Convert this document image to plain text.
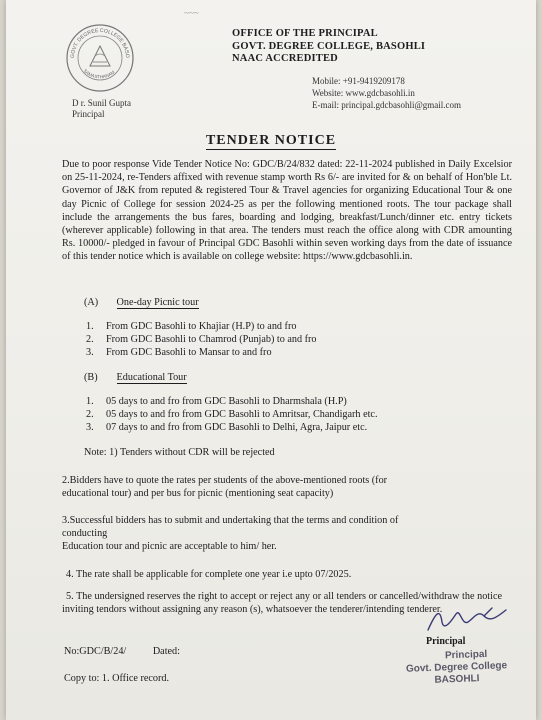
~~~
GOVT. DEGREE COLLEGE BASO
SAMASTHANAM
OFFICE OF THE PRINCIPAL
GOVT. DEGREE COLLEGE, BASOHLI
NAAC ACCREDITED
D r. Sunil Gupta
Principal
Mobile: +91-9419209178
Website: www.gdcbasohli.in
E-mail: principal.gdcbasohli@gmail.com
TENDER NOTICE
Due to poor response Vide Tender Notice No: GDC/B/24/832 dated: 22-11-2024 published in Daily Excelsior on 25-11-2024, re-Tenders affixed with revenue stamp worth Rs 6/- are invited for & on behalf of Hon'ble Lt. Governor of J&K from reputed & registered Tour & Travel agencies for organizing Educational Tour & one day Picnic of College for session 2024-25 as per the following mentioned roots. The tour package shall include the arrangements the bus fares, boarding and lodging, breakfast/Lunch/dinner etc. entry tickets (wherever applicable) following in that area. The tenders must reach the office along with CDR amounting Rs. 10000/- pledged in favour of Principal GDC Basohli within seven working days from the date of issuance of this tender notice which is available on college website: https://www.gdcbasohli.in.
(A) One-day Picnic tour
1. From GDC Basohli to Khajiar (H.P) to and fro
2. From GDC Basohli to Chamrod (Punjab) to and fro
3. From GDC Basohli to Mansar to and fro
(B) Educational Tour
1. 05 days to and fro from GDC Basohli to Dharmshala (H.P)
2. 05 days to and fro from GDC Basohli to Amritsar, Chandigarh etc.
3. 07 days to and fro from GDC Basohli to Delhi, Agra, Jaipur etc.
Note: 1) Tenders without CDR will be rejected
2.Bidders have to quote the rates per students of the above-mentioned roots (for
educational tour) and per bus for picnic (mentioning seat capacity)
3.Successful bidders has to submit and undertaking that the terms and condition of
conducting
Education tour and picnic are acceptable to him/ her.
4. The rate shall be applicable for complete one year i.e upto 07/2025.
5. The undersigned reserves the right to accept or reject any or all tenders or cancelled/withdraw the notice inviting tendors without assigning any reason (s), whatsoever the tenderer/intending tenderer.
Principal
Principal
Govt. Degree College
BASOHLI
No:GDC/B/24/	Dated:
Copy to: 1. Office record.
